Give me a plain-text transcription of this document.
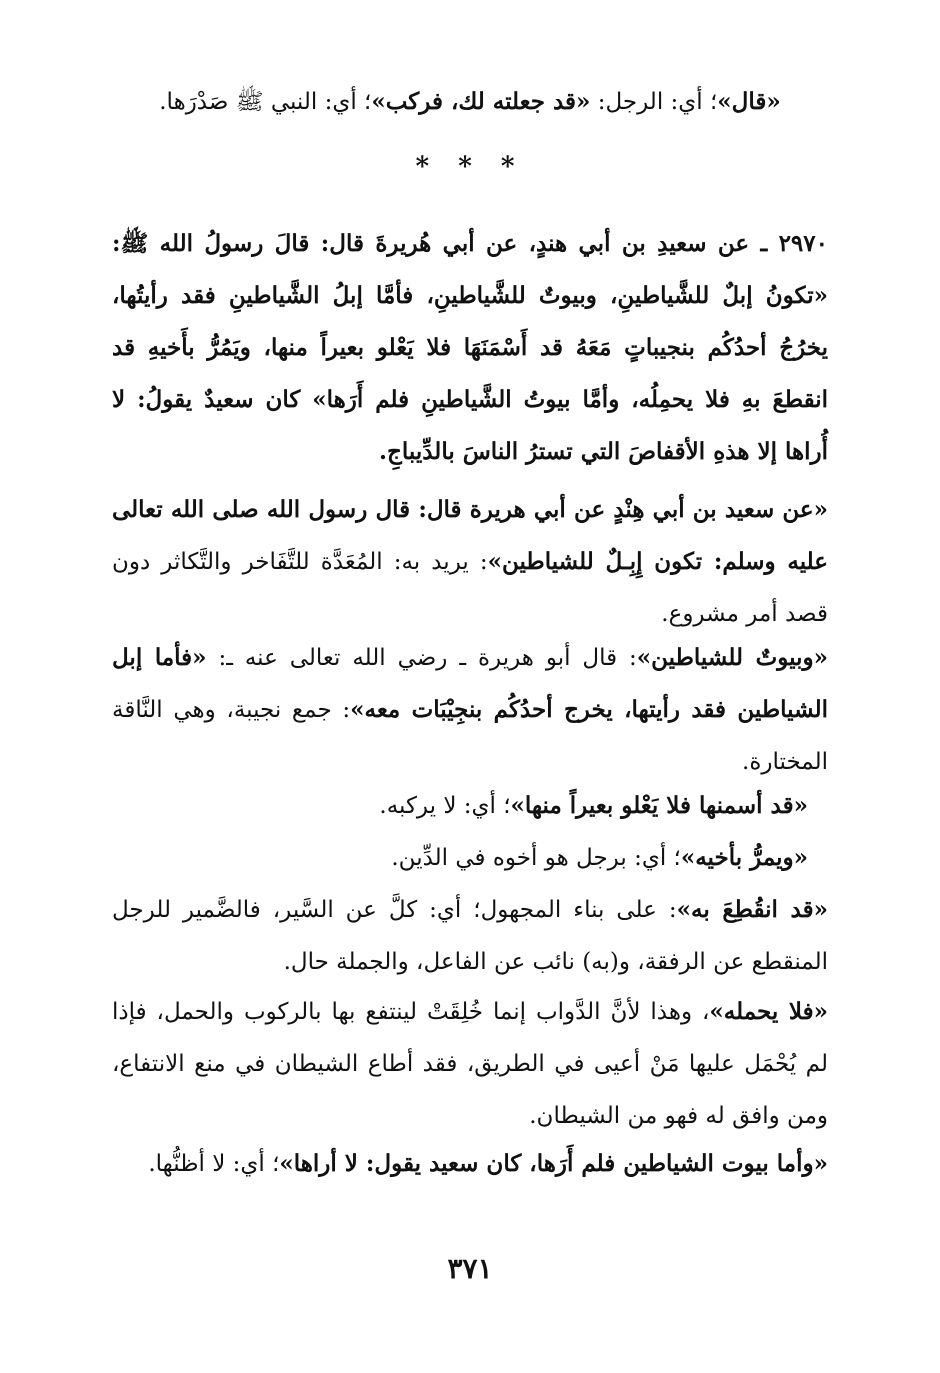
«قال»؛ أي: الرجل: «قد جعلته لك، فركب»؛ أي: النبي ﷺ صَدْرَها.

* * *

٢٩٧٠ ـ عن سعيدِ بن أبي هندٍ، عن أبي هُريرةَ قال: قالَ رسولُ الله ﷺ: «تكونُ إبلٌ للشَّياطينِ، وبيوتٌ للشَّياطينِ، فأمَّا إبلُ الشَّياطينِ فقد رأيتُها، يخرُجُ أحدُكُم بنجيباتٍ مَعَهُ قد أَسْمَنَهَا فلا يَعْلو بعيراً منها، ويَمُرُّ بأَخيهِ قد انقطعَ بهِ فلا يحمِلُه، وأمَّا بيوتُ الشَّياطينِ فلم أَرَها» كان سعيدٌ يقولُ: لا أُراها إلا هذهِ الأقفاصَ التي تسترُ الناسَ بالدِّيباجِ.

«عن سعيد بن أبي هِنْدٍ عن أبي هريرة قال: قال رسول الله صلى الله تعالى عليه وسلم: تكون إِبِـلٌ للشياطين»: يريد به: المُعَدَّة للتَّفَاخر والتَّكاثر دون قصد أمر مشروع.

«وبيوتٌ للشياطين»: قال أبو هريرة ـ رضي الله تعالى عنه ـ: «فأما إبل الشياطين فقد رأيتها، يخرج أحدُكُم بنجِيْبَات معه»: جمع نجيبة، وهي النَّاقة المختارة.

«قد أسمنها فلا يَعْلو بعيراً منها»؛ أي: لا يركبه.

«ويمرُّ بأخيه»؛ أي: برجل هو أخوه في الدِّين.

«قد انقُطِعَ به»: على بناء المجهول؛ أي: كلَّ عن السَّير، فالضَّمير للرجل المنقطع عن الرفقة، و(به) نائب عن الفاعل، والجملة حال.

«فلا يحمله»، وهذا لأنَّ الدَّواب إنما خُلِقَتْ لينتفع بها بالركوب والحمل، فإذا لم يُحْمَل عليها مَنْ أعيى في الطريق، فقد أطاع الشيطان في منع الانتفاع، ومن وافق له فهو من الشيطان.

«وأما بيوت الشياطين فلم أَرَها، كان سعيد يقول: لا أراها»؛ أي: لا أظنُّها.

٣٧١
